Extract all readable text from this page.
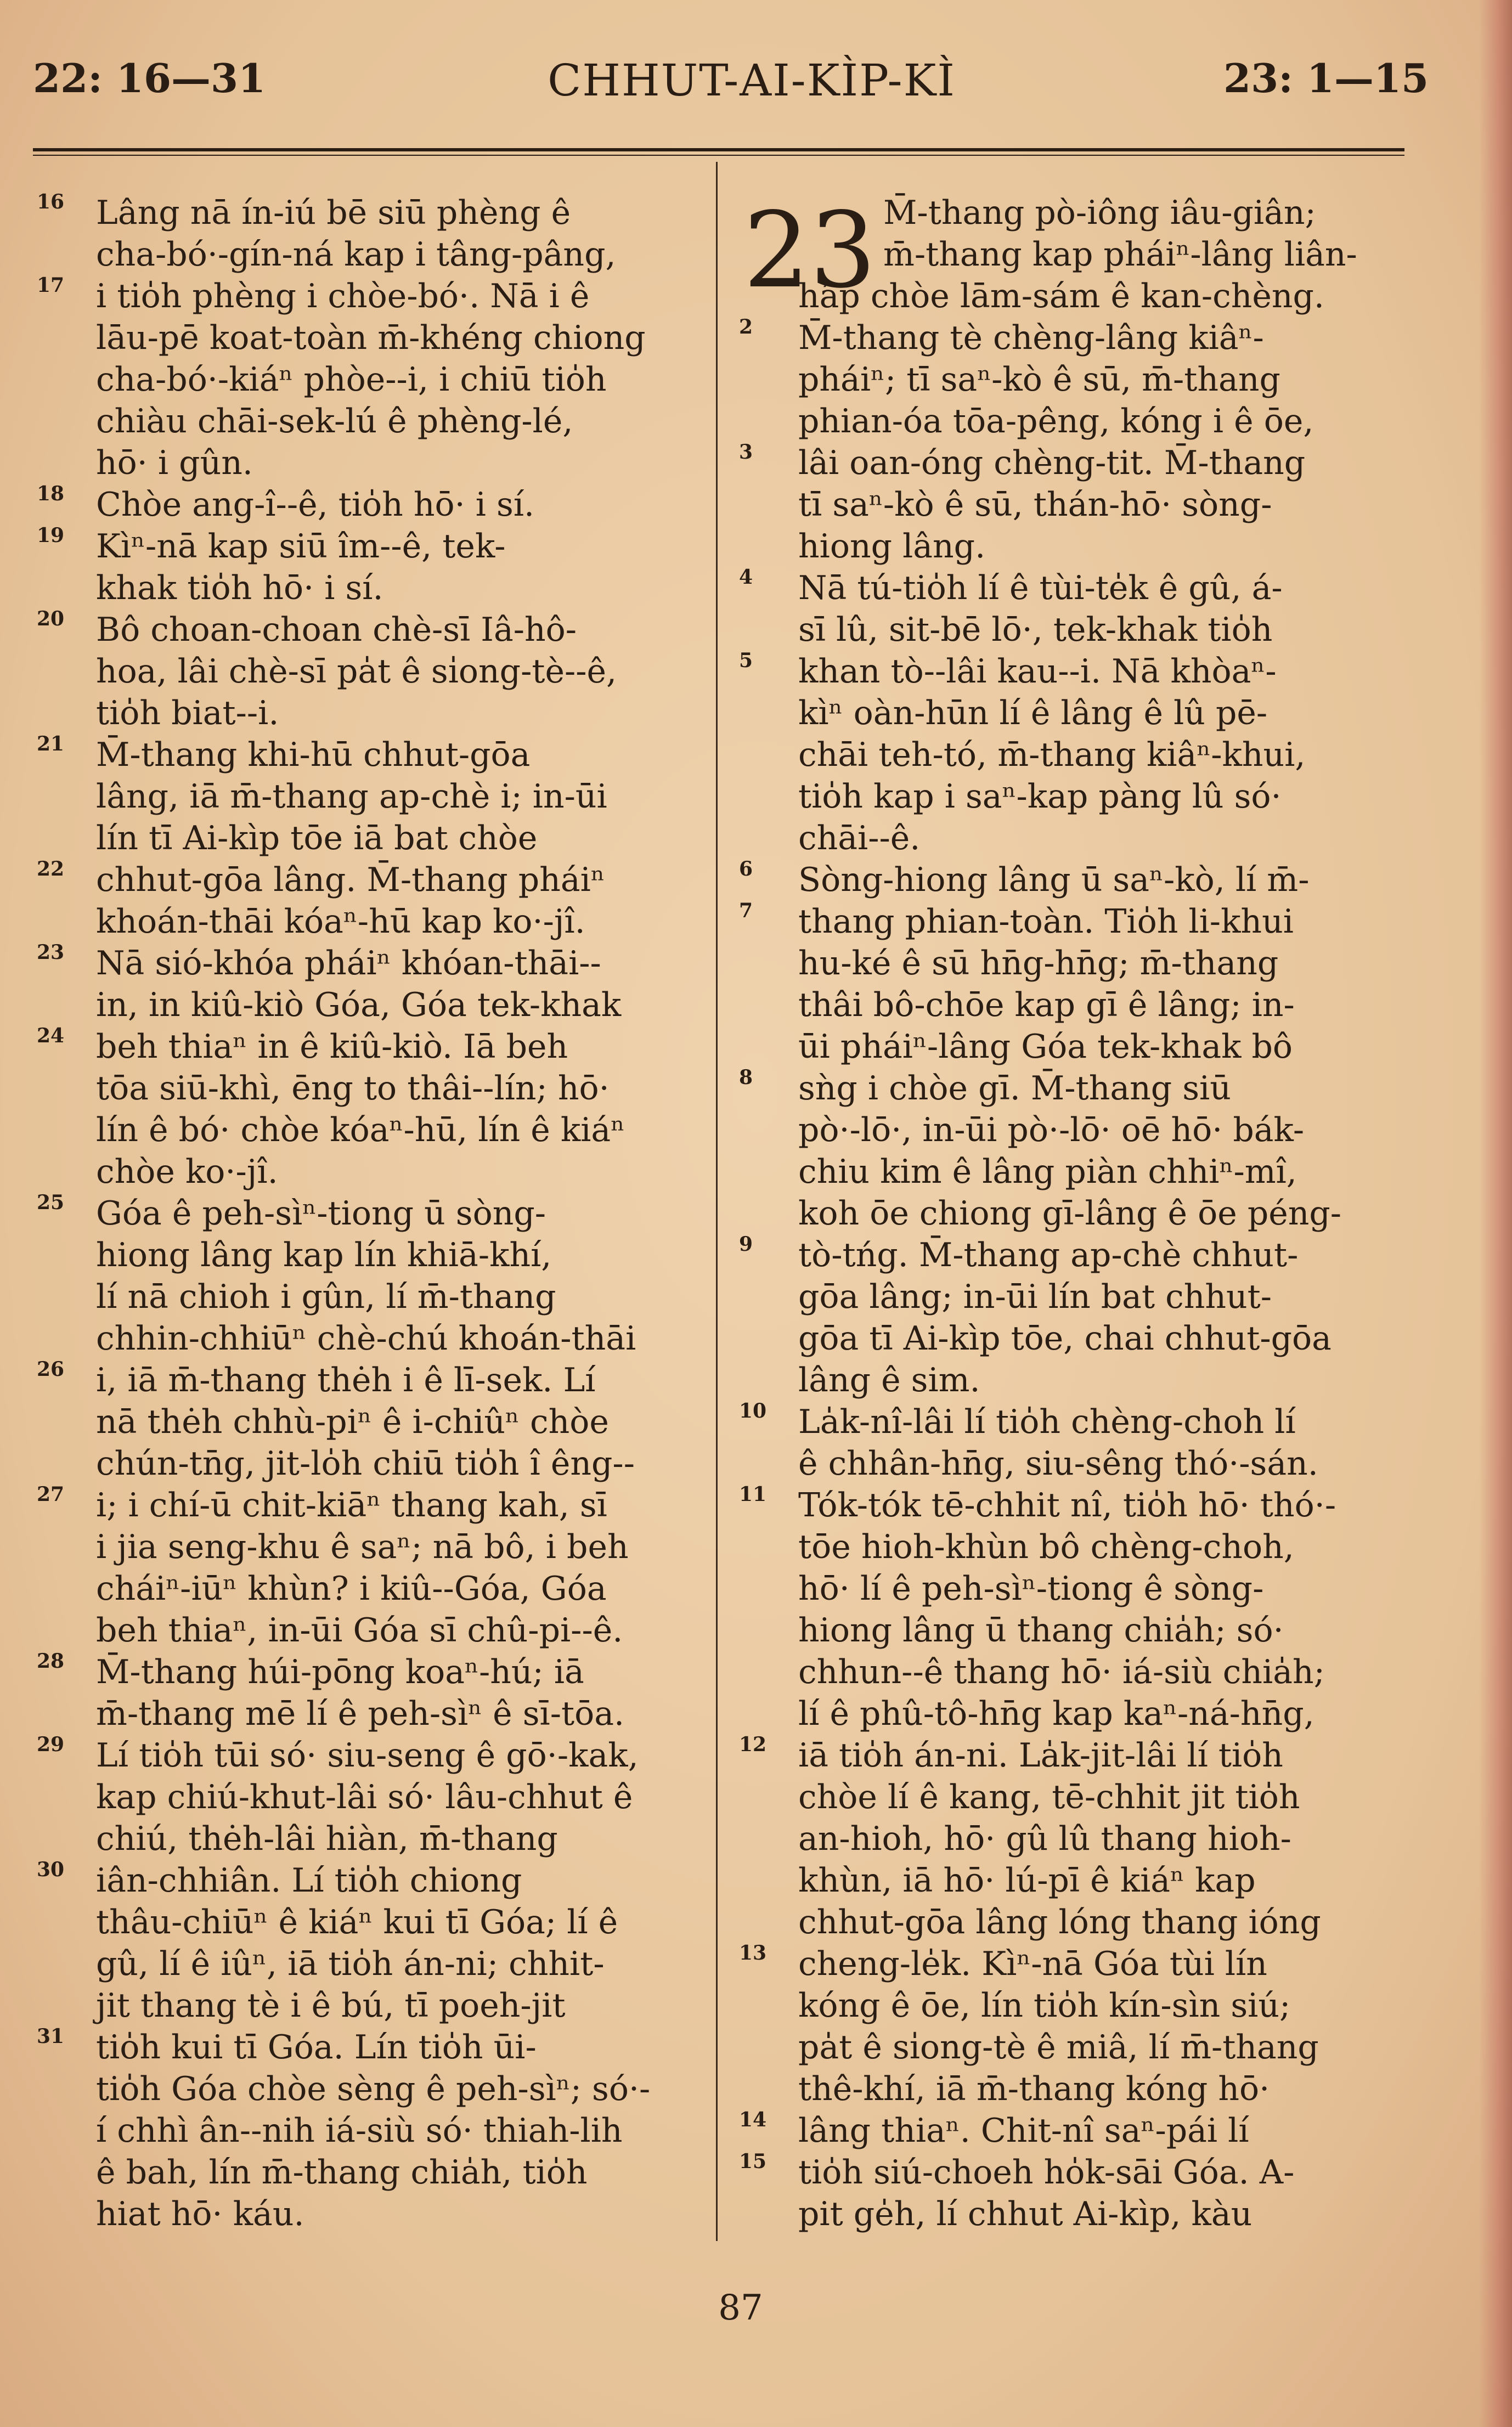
22: 16—31	CHHUT-AI-KÌP-KÌ	23: 1—15
16 Lâng nā ín-iú bē siū phèng ê
cha-bó·-gín-ná kap i tâng-pâng,
17 i tio̍h phèng i chòe-bó·. Nā i ê
lāu-pē koat-toàn m̄-khéng chiong
cha-bó·-kiáⁿ phòe--i, i chiū tio̍h
chiàu chāi-sek-lú ê phèng-lé,
hō· i gûn.
18 Chòe ang-î--ê, tio̍h hō· i sí.
19 Kìⁿ-nā kap siū îm--ê, tek-
khak tio̍h hō· i sí.
20 Bô choan-choan chè-sī Iâ-hô-
hoa, lâi chè-sī pa̍t ê si̍ong-tè--ê,
tio̍h biat--i.
21 M̄-thang khi-hū chhut-gōa
lâng, iā m̄-thang ap-chè i; in-ūi
lín tī Ai-kìp tōe iā bat chòe
22 chhut-gōa lâng. M̄-thang pháiⁿ
khoán-thāi kóaⁿ-hū kap ko·-jî.
23 Nā sió-khóa pháiⁿ khóan-thāi--
in, in kiû-kiò Góa, Góa tek-khak
24 beh thiaⁿ in ê kiû-kiò. Iā beh
tōa siū-khì, ēng to thâi--lín; hō·
lín ê bó· chòe kóaⁿ-hū, lín ê kiáⁿ
chòe ko·-jî.
25 Góa ê peh-sìⁿ-tiong ū sòng-
hiong lâng kap lín khiā-khí,
lí nā chioh i gûn, lí m̄-thang
chhin-chhiūⁿ chè-chú khoán-thāi
26 i, iā m̄-thang thėh i ê lī-sek. Lí
nā thėh chhù-piⁿ ê i-chiûⁿ chòe
chún-tn̄g, jit-lo̍h chiū tio̍h î êng--
27 i; i chí-ū chit-kiāⁿ thang kah, sī
i jia seng-khu ê saⁿ; nā bô, i beh
cháiⁿ-iūⁿ khùn? i kiû--Góa, Góa
beh thiaⁿ, in-ūi Góa sī chû-pi--ê.
28 M̄-thang húi-pōng koaⁿ-hú; iā
m̄-thang mē lí ê peh-sìⁿ ê sī-tōa.
29 Lí tio̍h tūi só· siu-seng ê gō·-kak,
kap chiú-khut-lâi só· lâu-chhut ê
chiú, thėh-lâi hiàn, m̄-thang
30 iân-chhiân. Lí tio̍h chiong
thâu-chiūⁿ ê kiáⁿ kui tī Góa; lí ê
gû, lí ê iûⁿ, iā tio̍h án-ni; chhit-
jit thang tè i ê bú, tī poeh-jit
31 tio̍h kui tī Góa. Lín tio̍h ūi-
tio̍h Góa chòe sèng ê peh-sìⁿ; só·-
í chhì ân--nih iá-siù só· thiah-lih
ê bah, lín m̄-thang chia̍h, tio̍h
hiat hō· káu.
23 M̄-thang pò-iông iâu-giân;
m̄-thang kap pháiⁿ-lâng liân-
hâp chòe lām-sám ê kan-chèng.
2	M̄-thang tè chèng-lâng kiâⁿ-
pháiⁿ; tī saⁿ-kò ê sū, m̄-thang
phian-óa tōa-pêng, kóng i ê ōe,
3	lâi oan-óng chèng-tit. M̄-thang
tī saⁿ-kò ê sū, thán-hō· sòng-
hiong lâng.
4	Nā tú-tio̍h lí ê tùi-te̍k ê gû, á-
sī lû, sit-bē lō·, tek-khak tio̍h
5	khan tò--lâi kau--i. Nā khòaⁿ-
kìⁿ oàn-hūn lí ê lâng ê lû pē-
chāi teh-tó, m̄-thang kiâⁿ-khui,
tio̍h kap i saⁿ-kap pàng lû só·
chāi--ê.
6	Sòng-hiong lâng ū saⁿ-kò, lí m̄-
7	thang phian-toàn. Tio̍h li-khui
hu-ké ê sū hn̄g-hn̄g; m̄-thang
thâi bô-chōe kap gī ê lâng; in-
ūi pháiⁿ-lâng Góa tek-khak bô
8	sǹg i chòe gī. M̄-thang siū
pò·-lō·, in-ūi pò·-lō· oē hō· bák-
chiu kim ê lâng piàn chhiⁿ-mî,
koh ōe chiong gī-lâng ê ōe péng-
9	tò-tńg. M̄-thang ap-chè chhut-
gōa lâng; in-ūi lín bat chhut-
gōa tī Ai-kìp tōe, chai chhut-gōa
lâng ê sim.
10 La̍k-nî-lâi lí tio̍h chèng-choh lí
ê chhân-hn̄g, siu-sêng thó·-sán.
11 Tók-tók tē-chhit nî, tio̍h hō· thó·-
tōe hioh-khùn bô chèng-choh,
hō· lí ê peh-sìⁿ-tiong ê sòng-
hiong lâng ū thang chia̍h; só·
chhun--ê thang hō· iá-siù chia̍h;
lí ê phû-tô-hn̄g kap kaⁿ-ná-hn̄g,
12 iā tio̍h án-ni. La̍k-jit-lâi lí tio̍h
chòe lí ê kang, tē-chhit jit tio̍h
an-hioh, hō· gû lû thang hioh-
khùn, iā hō· lú-pī ê kiáⁿ kap
chhut-gōa lâng lóng thang ióng
13 cheng-le̍k. Kìⁿ-nā Góa tùi lín
kóng ê ōe, lín tio̍h kín-sìn siú;
pa̍t ê si̍ong-tè ê miâ, lí m̄-thang
thê-khí, iā m̄-thang kóng hō·
14 lâng thiaⁿ. Chit-nî saⁿ-pái lí
15 tio̍h siú-choeh ho̍k-sāi Góa. A-
pit ge̍h, lí chhut Ai-kìp, kàu
87
